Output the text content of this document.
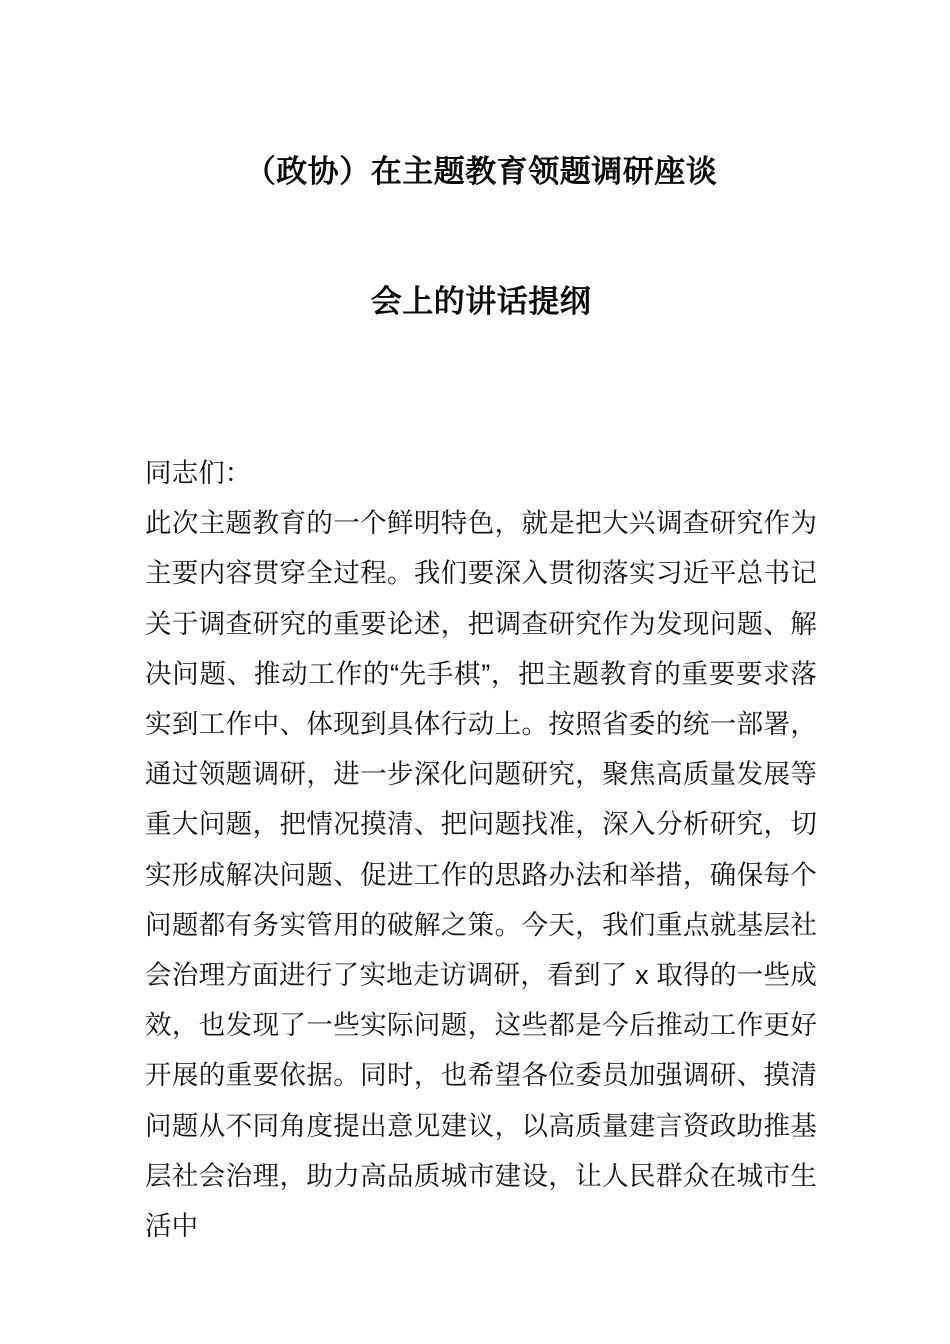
（政协）在主题教育领题调研座谈
会上的讲话提纲

同志们：

此次主题教育的一个鲜明特色，就是把大兴调查研究作为主要内容贯穿全过程。我们要深入贯彻落实习近平总书记关于调查研究的重要论述，把调查研究作为发现问题、解决问题、推动工作的“先手棋”，把主题教育的重要要求落实到工作中、体现到具体行动上。按照省委的统一部署，通过领题调研，进一步深化问题研究，聚焦高质量发展等重大问题，把情况摸清、把问题找准，深入分析研究，切实形成解决问题、促进工作的思路办法和举措，确保每个问题都有务实管用的破解之策。今天，我们重点就基层社会治理方面进行了实地走访调研，看到了 x 取得的一些成效，也发现了一些实际问题，这些都是今后推动工作更好开展的重要依据。同时，也希望各位委员加强调研、摸清问题从不同角度提出意见建议，以高质量建言资政助推基层社会治理，助力高品质城市建设，让人民群众在城市生活中
